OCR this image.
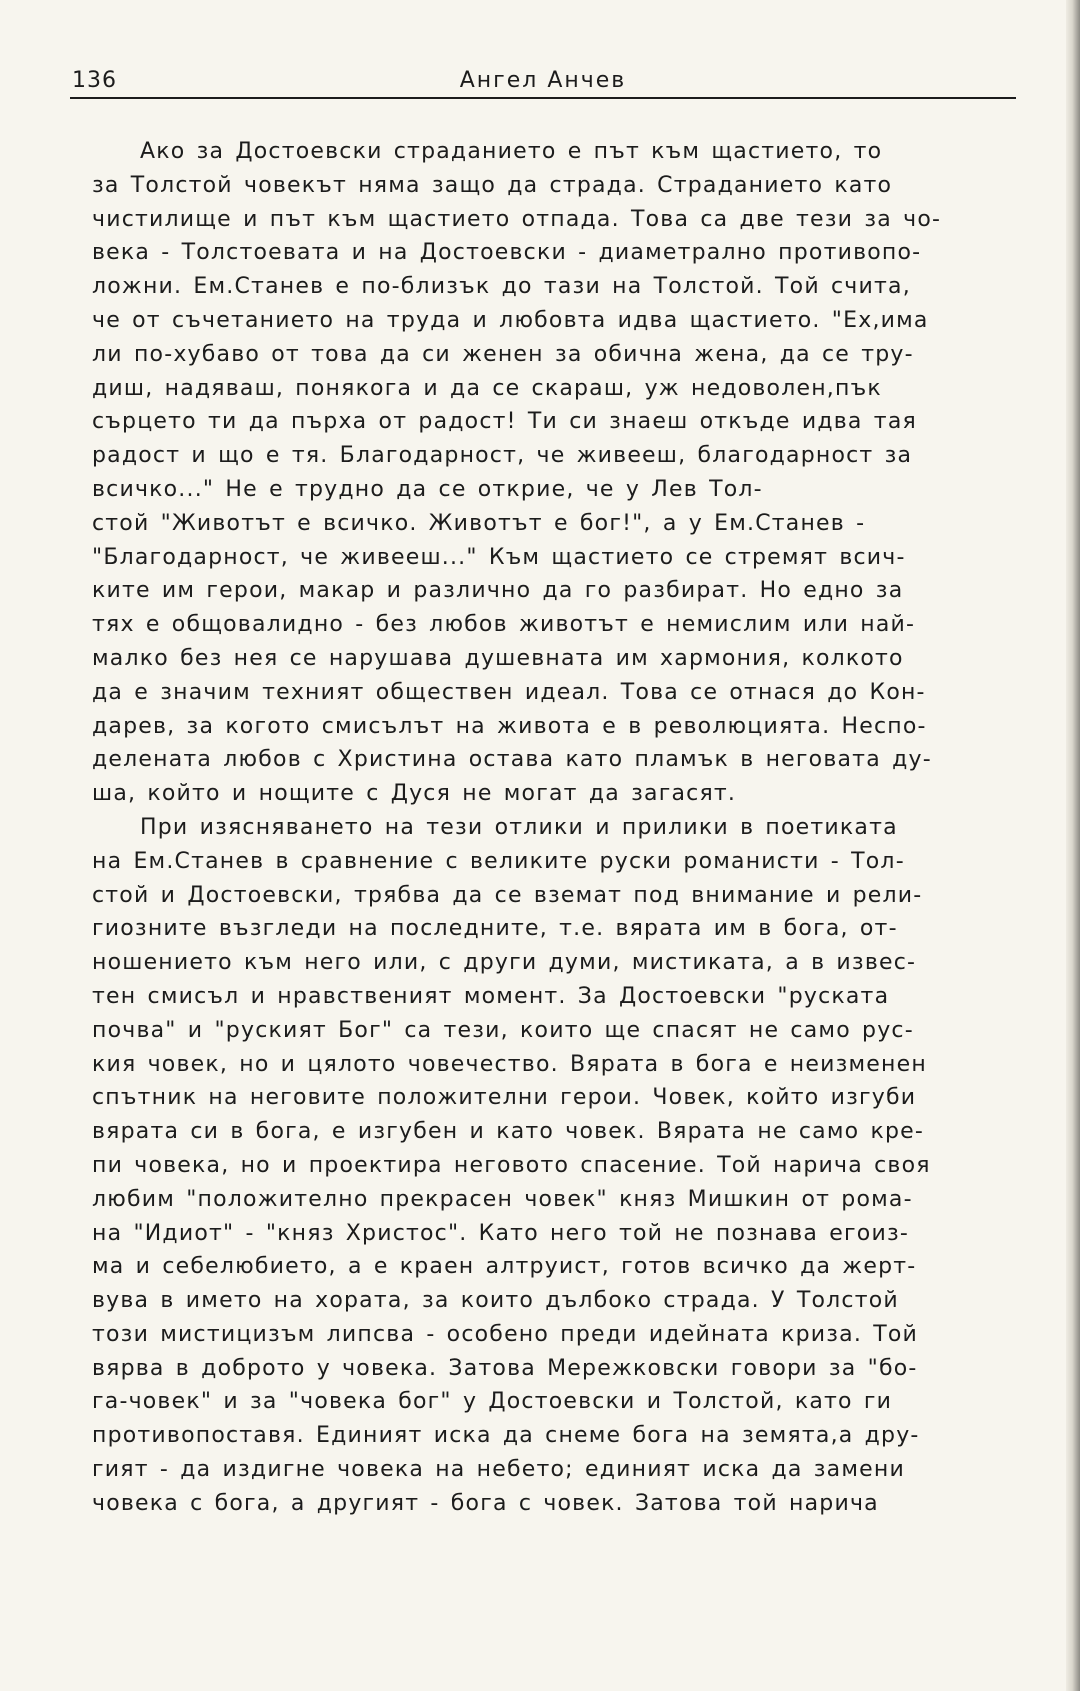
136	Ангел Анчев
Ако за Достоевски страданието е път към щастието, то
за Толстой човекът няма защо да страда. Страданието като
чистилище и път към щастието отпада. Това са две тези за чо-
века - Толстоевата и на Достоевски - диаметрално противопо-
ложни. Ем.Станев е по-близък до тази на Толстой. Той счита,
че от съчетанието на труда и любовта идва щастието. "Ех,има
ли по-хубаво от това да си женен за обична жена, да се тру-
диш, надяваш, понякога и да се скараш, уж недоволен,пък
сърцето ти да пърха от радост! Ти си знаеш откъде идва тая
радост и що е тя. Благодарност, че живееш, благодарност за
всичко..." Не е трудно да се открие, че у Лев Тол-
стой "Животът е всичко. Животът е бог!", а у Ем.Станев -
"Благодарност, че живееш..." Към щастието се стремят всич-
ките им герои, макар и различно да го разбират. Но едно за
тях е общовалидно - без любов животът е немислим или най-
малко без нея се нарушава душевната им хармония, колкото
да е значим техният обществен идеал. Това се отнася до Кон-
дарев, за когото смисълът на живота е в революцията. Неспо-
делената любов с Христина остава като пламък в неговата ду-
ша, който и нощите с Дуся не могат да загасят.
При изясняването на тези отлики и прилики в поетиката
на Ем.Станев в сравнение с великите руски романисти - Тол-
стой и Достоевски, трябва да се вземат под внимание и рели-
гиозните възгледи на последните, т.е. вярата им в бога, от-
ношението към него или, с други думи, мистиката, а в извес-
тен смисъл и нравственият момент. За Достоевски "руската
почва" и "руският Бог" са тези, които ще спасят не само рус-
кия човек, но и цялото човечество. Вярата в бога е неизменен
спътник на неговите положителни герои. Човек, който изгуби
вярата си в бога, е изгубен и като човек. Вярата не само кре-
пи човека, но и проектира неговото спасение. Той нарича своя
любим "положително прекрасен човек" княз Мишкин от рома-
на "Идиот" - "княз Христос". Като него той не познава егоиз-
ма и себелюбието, а е краен алтруист, готов всичко да жерт-
вува в името на хората, за които дълбоко страда. У Толстой
този мистицизъм липсва - особено преди идейната криза. Той
вярва в доброто у човека. Затова Мережковски говори за "бо-
га-човек" и за "човека бог" у Достоевски и Толстой, като ги
противопоставя. Единият иска да снеме бога на земята,а дру-
гият - да издигне човека на небето; единият иска да замени
човека с бога, а другият - бога с човек. Затова той нарича
